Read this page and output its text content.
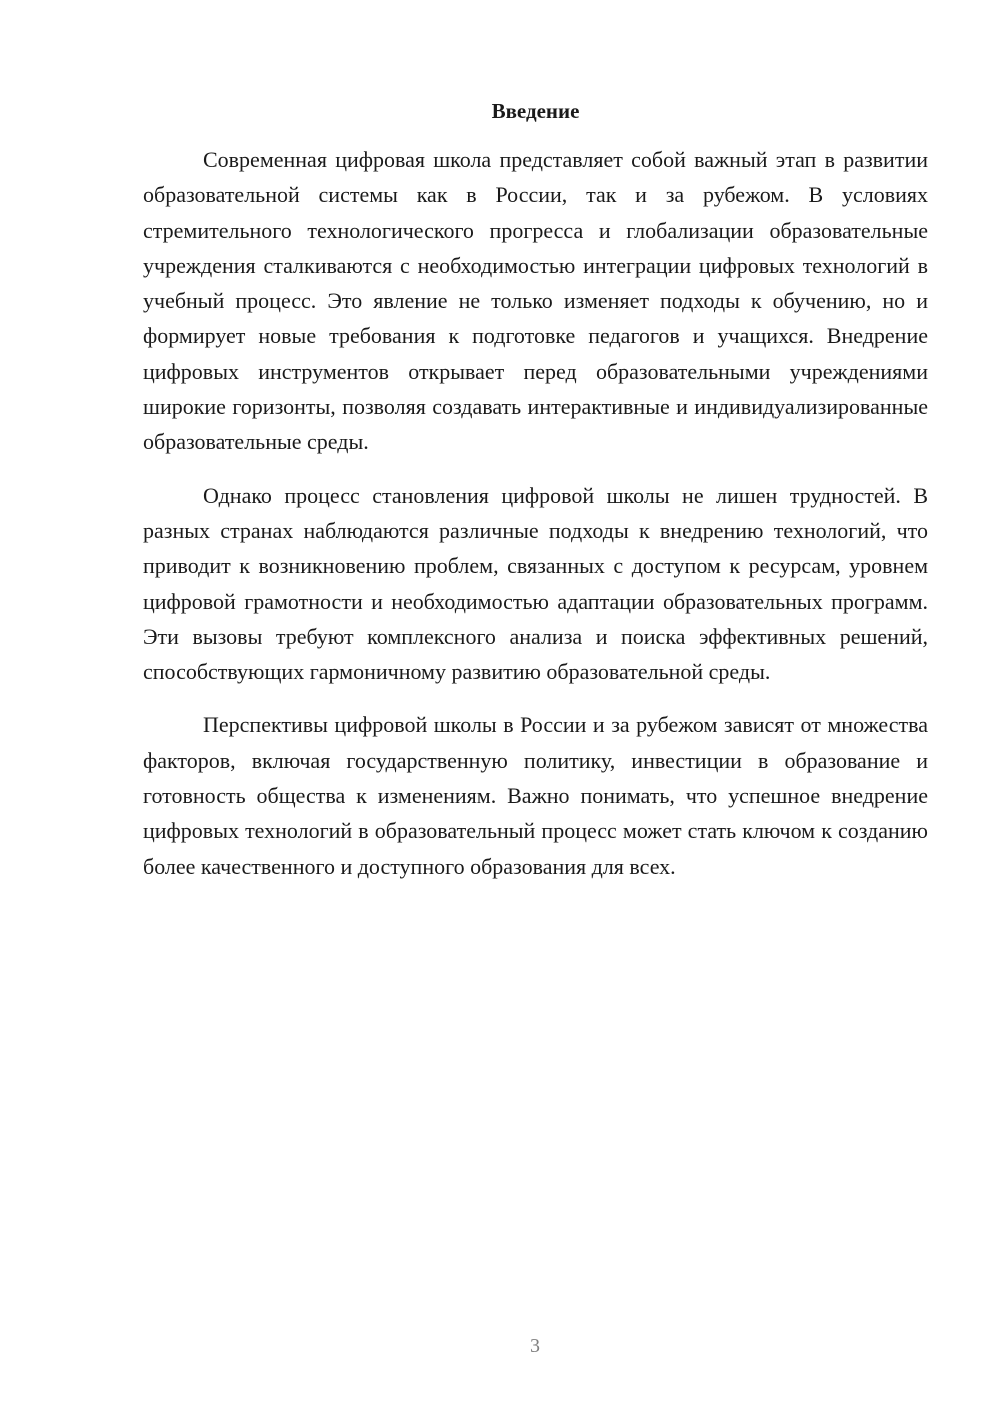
Введение

Современная цифровая школа представляет собой важный этап в развитии образовательной системы как в России, так и за рубежом. В условиях стремительного технологического прогресса и глобализации образовательные учреждения сталкиваются с необходимостью интеграции цифровых технологий в учебный процесс. Это явление не только изменяет подходы к обучению, но и формирует новые требования к подготовке педагогов и учащихся. Внедрение цифровых инструментов открывает перед образовательными учреждениями широкие горизонты, позволяя создавать интерактивные и индивидуализированные образовательные среды.

Однако процесс становления цифровой школы не лишен трудностей. В разных странах наблюдаются различные подходы к внедрению технологий, что приводит к возникновению проблем, связанных с доступом к ресурсам, уровнем цифровой грамотности и необходимостью адаптации образовательных программ. Эти вызовы требуют комплексного анализа и поиска эффективных решений, способствующих гармоничному развитию образовательной среды.

Перспективы цифровой школы в России и за рубежом зависят от множества факторов, включая государственную политику, инвестиции в образование и готовность общества к изменениям. Важно понимать, что успешное внедрение цифровых технологий в образовательный процесс может стать ключом к созданию более качественного и доступного образования для всех.

3
